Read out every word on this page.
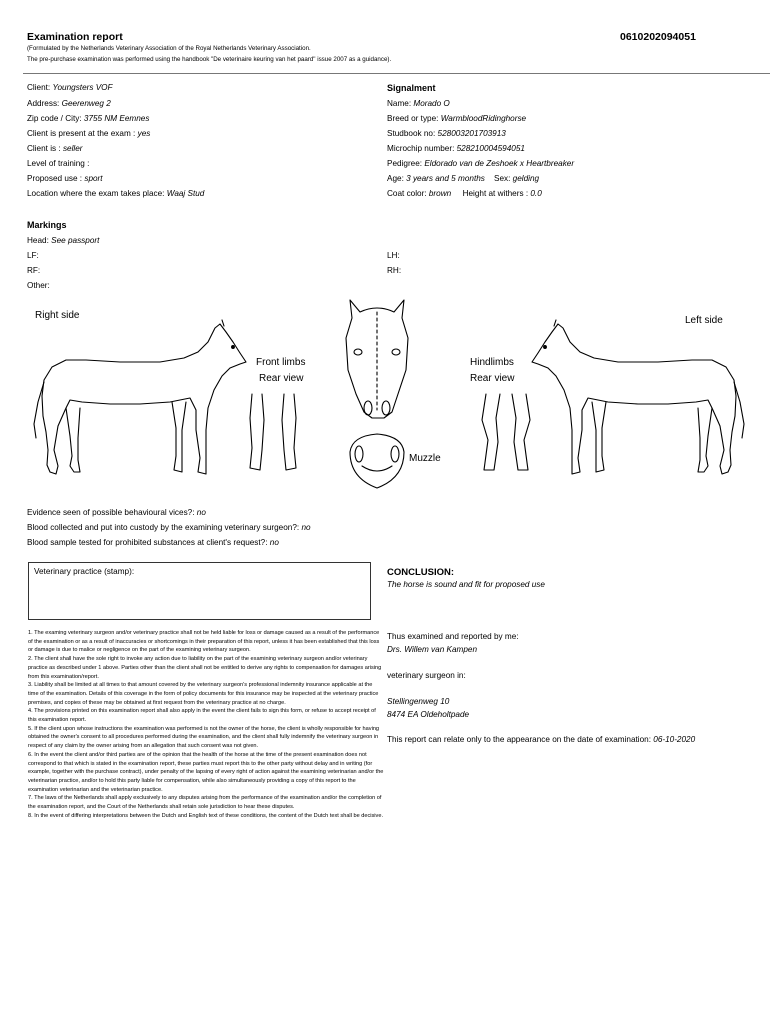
Examination report	0610202094051
(Formulated by the Netherlands Veterinary Association of the Royal Netherlands Veterinary Association.
The pre-purchase examination was performed using the handbook "De veterinaire keuring van het paard" issue 2007 as a guidance).
Client: Youngsters VOF
Address: Geerenweg 2
Zip code / City: 3755 NM Eemnes
Client is present at the exam : yes
Client is : seller
Level of training :
Proposed use : sport
Location where the exam takes place: Waaj Stud
Signalment
Name: Morado O
Breed or type: WarmbloodRidinghorse
Studbook no: 528003201703913
Microchip number: 528210004594051
Pedigree: Eldorado van de Zeshoek x Heartbreaker
Age: 3 years and 5 months Sex: gelding
Coat color: brown Height at withers : 0.0
Markings
Head: See passport
LF:
RF:
Other:
LH:
RH:
Right side	Left side
Front limbs
Rear view
Hindlimbs
Rear view
Muzzle
Evidence seen of possible behavioural vices?: no
Blood collected and put into custody by the examining veterinary surgeon?: no
Blood sample tested for prohibited substances at client's request?: no
Veterinary practice (stamp):	CONCLUSION:
The horse is sound and fit for proposed use
Thus examined and reported by me:
Drs. Willem van Kampen
veterinary surgeon in:
Stellingenweg 10
8474 EA Oldeholtpade
This report can relate only to the appearance on the date of examination: 06-10-2020

1. The examing veterinary surgeon and/or veterinary practice shall not be held liable for loss or damage caused as a result of the performance of the examination or as a result of inaccuracies or shortcomings in their preparation of this report, unless it has been established that this loss or damage is due to malice or negligence on the part of the examining veterinary surgeon.

2. The client shall have the sole right to invoke any action due to liability on the part of the examining veterinary surgeon and/or veterinary practice as described under 1 above. Parties other than the client shall not be entitled to derive any rights to compensation for damages arising from this examination/report.

3. Liability shall be limited at all times to that amount covered by the veterinary surgeon's professional indemnity insurance applicable at the time of the examination. Details of this coverage in the form of policy documents for this insurance may be inspected at the veterinary practice premises, and copies of these may be obtained at first request from the veterinary practice at no charge.

4. The provisions printed on this examination report shall also apply in the event the client fails to sign this form, or refuse to accept receipt of this examination report.

5. If the client upon whose instructions the examination was performed is not the owner of the horse, the client is wholly responsible for having obtained the owner's consent to all procedures performed during the examination, and the client shall fully indemnify the veterinary surgeon in respect of any claim by the owner arising from an allegation that such consent was not given.

6. In the event the client and/or third parties are of the opinion that the health of the horse at the time of the present examination does not correspond to that which is stated in the examination report, these parties must report this to the other party without delay and in writing (for example, together with the purchase contract), under penalty of the lapsing of every right of action against the examining veterinarian and/or the veterinarian practice, and/or to hold this party liable for compensation, while also simultaneously providing a copy of this report to the examination veterinarian and the veterinarian practice.

7. The laws of the Netherlands shall apply exclusively to any disputes arising from the performance of the examination and/or the completion of the examination report, and the Court of the Netherlands shall retain sole jurisdiction to hear these disputes.

8. In the event of differing interpretations between the Dutch and English text of these conditions, the content of the Dutch text shall be decisive.
